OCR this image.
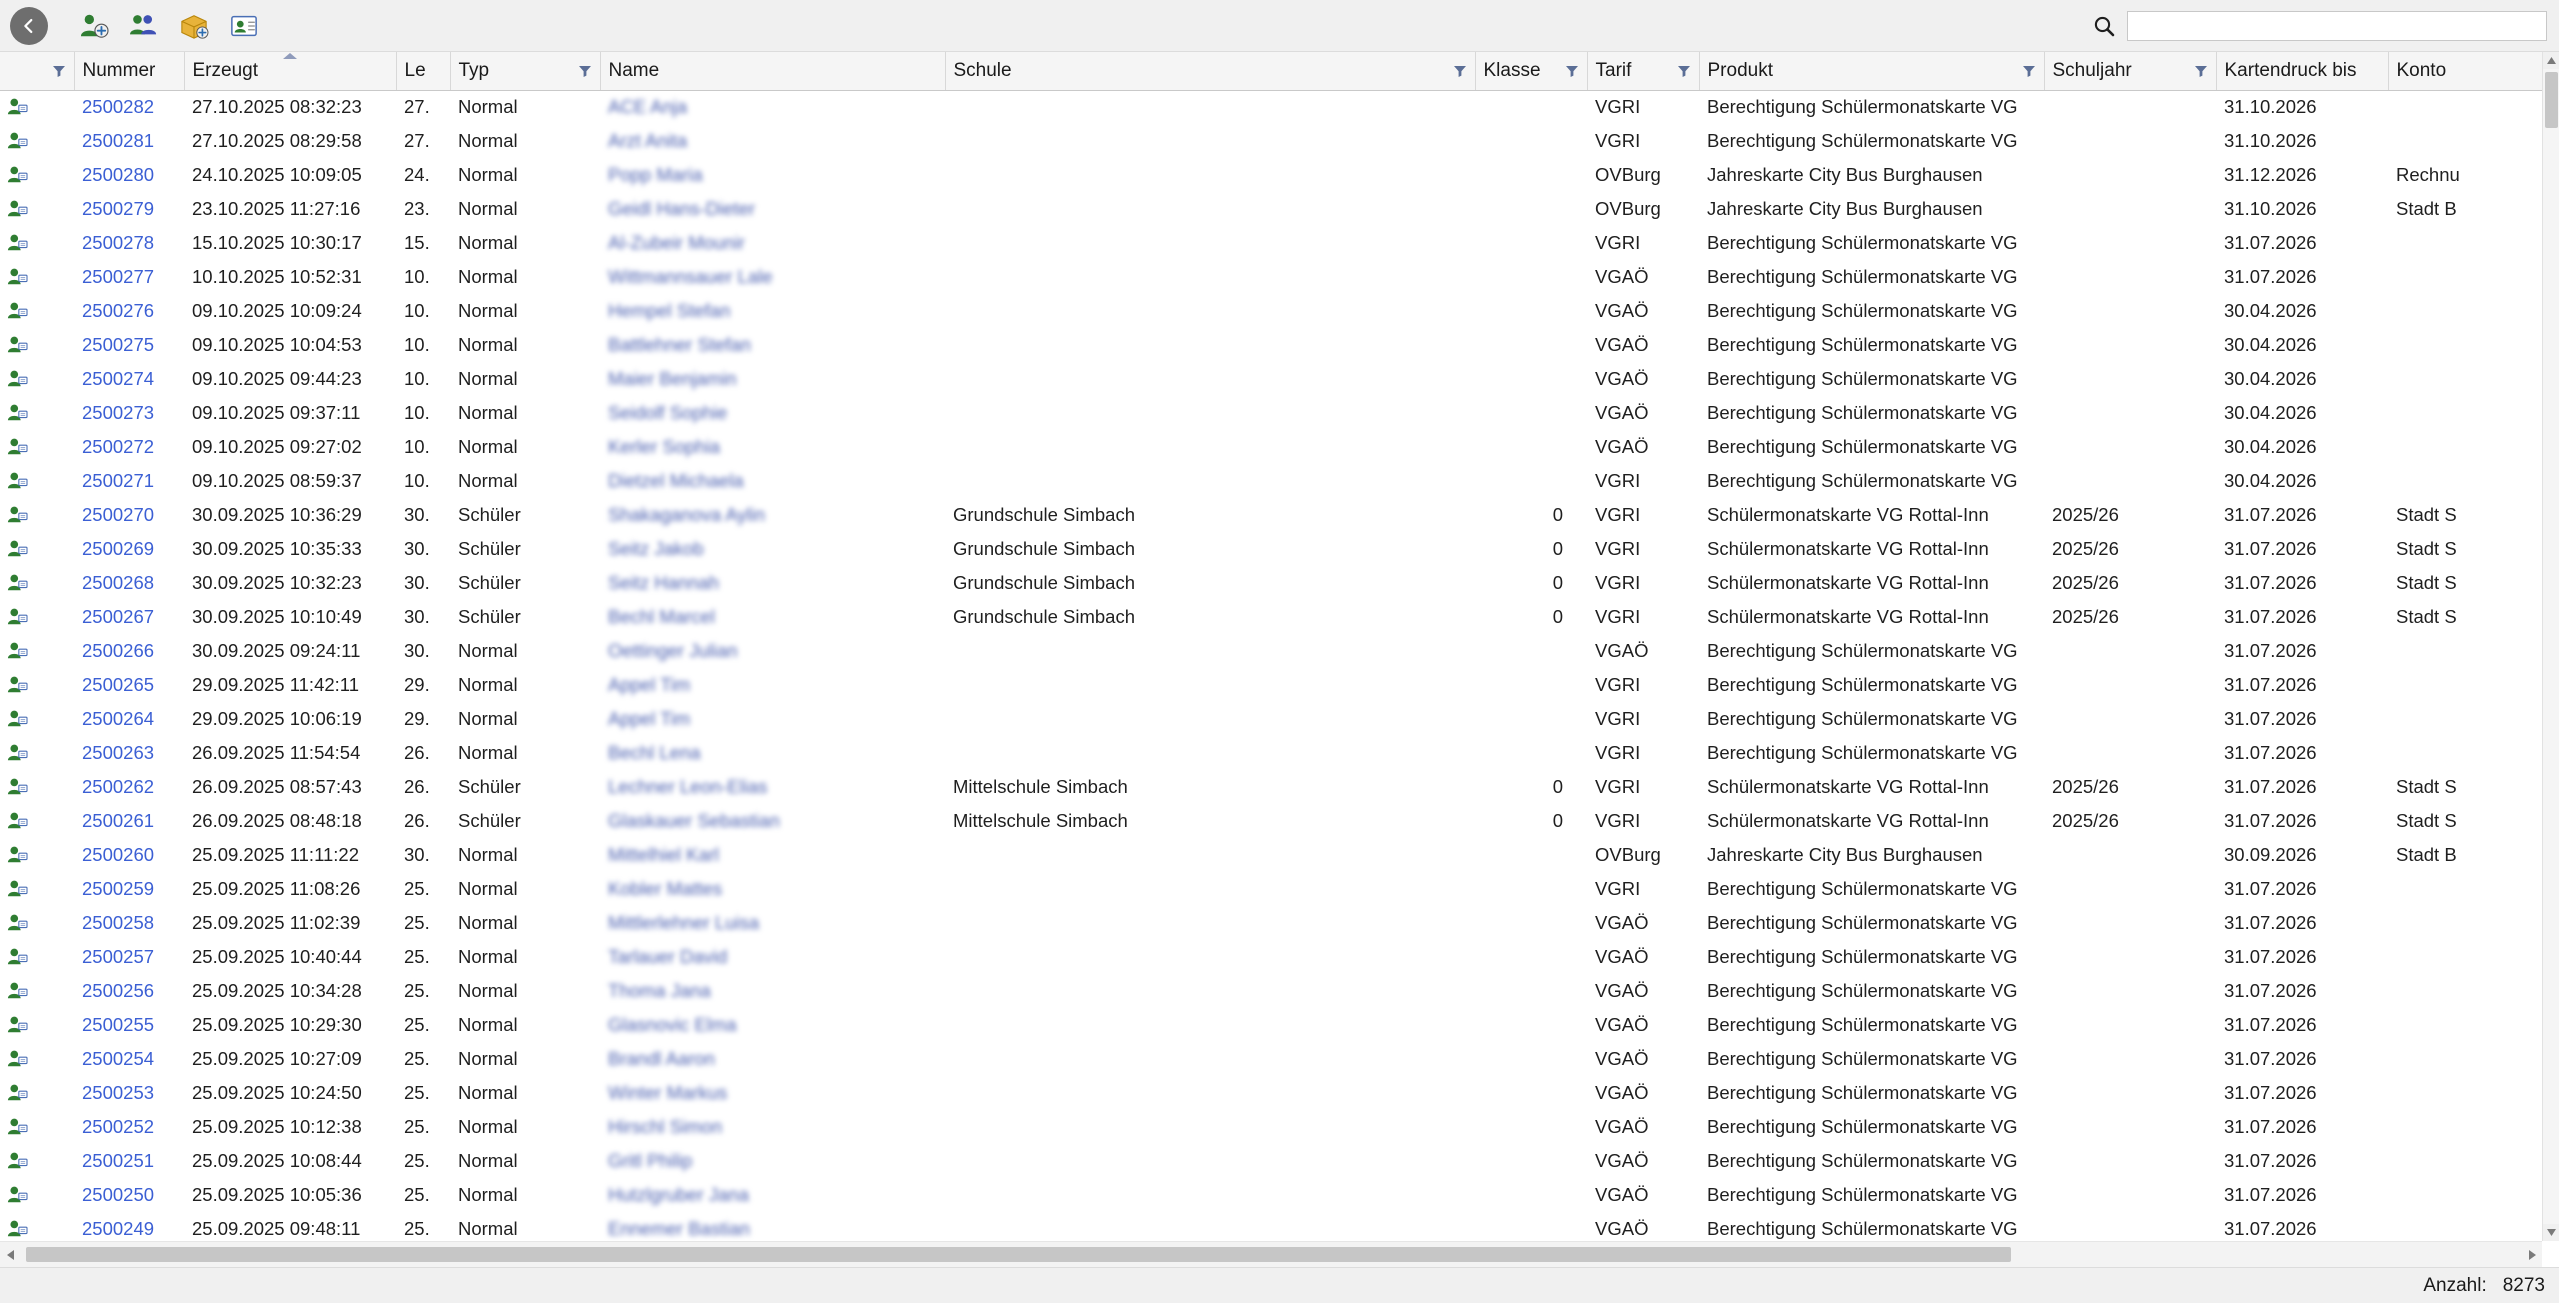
Nummer	Erzeugt	Le	Typ	Name	Schule	Klasse	Tarif	Produkt	Schuljahr	Kartendruck bis	Konto

	2500282	27.10.2025 08:32:23	27.	Normal	ACE Anja			VGRI	Berechtigung Schülermonatskarte VG		31.10.2026	

	2500281	27.10.2025 08:29:58	27.	Normal	Arzt Anita			VGRI	Berechtigung Schülermonatskarte VG		31.10.2026	

	2500280	24.10.2025 10:09:05	24.	Normal	Popp Maria			OVBurg	Jahreskarte City Bus Burghausen		31.12.2026	Rechnu

	2500279	23.10.2025 11:27:16	23.	Normal	Geidl Hans-Dieter			OVBurg	Jahreskarte City Bus Burghausen		31.10.2026	Stadt B

	2500278	15.10.2025 10:30:17	15.	Normal	Al-Zubeir Mounir			VGRI	Berechtigung Schülermonatskarte VG		31.07.2026	

	2500277	10.10.2025 10:52:31	10.	Normal	Wittmannsauer Lale			VGAÖ	Berechtigung Schülermonatskarte VG		31.07.2026	

	2500276	09.10.2025 10:09:24	10.	Normal	Hempel Stefan			VGAÖ	Berechtigung Schülermonatskarte VG		30.04.2026	

	2500275	09.10.2025 10:04:53	10.	Normal	Battlehner Stefan			VGAÖ	Berechtigung Schülermonatskarte VG		30.04.2026	

	2500274	09.10.2025 09:44:23	10.	Normal	Maier Benjamin			VGAÖ	Berechtigung Schülermonatskarte VG		30.04.2026	

	2500273	09.10.2025 09:37:11	10.	Normal	Seidolf Sophie			VGAÖ	Berechtigung Schülermonatskarte VG		30.04.2026	

	2500272	09.10.2025 09:27:02	10.	Normal	Kerler Sophia			VGAÖ	Berechtigung Schülermonatskarte VG		30.04.2026	

	2500271	09.10.2025 08:59:37	10.	Normal	Dietzel Michaela			VGRI	Berechtigung Schülermonatskarte VG		30.04.2026	

	2500270	30.09.2025 10:36:29	30.	Schüler	Shakaganova Aylin	Grundschule Simbach	0	VGRI	Schülermonatskarte VG Rottal-Inn	2025/26	31.07.2026	Stadt S

	2500269	30.09.2025 10:35:33	30.	Schüler	Seitz Jakob	Grundschule Simbach	0	VGRI	Schülermonatskarte VG Rottal-Inn	2025/26	31.07.2026	Stadt S

	2500268	30.09.2025 10:32:23	30.	Schüler	Seitz Hannah	Grundschule Simbach	0	VGRI	Schülermonatskarte VG Rottal-Inn	2025/26	31.07.2026	Stadt S

	2500267	30.09.2025 10:10:49	30.	Schüler	Bechl Marcel	Grundschule Simbach	0	VGRI	Schülermonatskarte VG Rottal-Inn	2025/26	31.07.2026	Stadt S

	2500266	30.09.2025 09:24:11	30.	Normal	Oettinger Julian			VGAÖ	Berechtigung Schülermonatskarte VG		31.07.2026	

	2500265	29.09.2025 11:42:11	29.	Normal	Appel Tim			VGRI	Berechtigung Schülermonatskarte VG		31.07.2026	

	2500264	29.09.2025 10:06:19	29.	Normal	Appel Tim			VGRI	Berechtigung Schülermonatskarte VG		31.07.2026	

	2500263	26.09.2025 11:54:54	26.	Normal	Bechl Lena			VGRI	Berechtigung Schülermonatskarte VG		31.07.2026	

	2500262	26.09.2025 08:57:43	26.	Schüler	Lechner Leon-Elias	Mittelschule Simbach	0	VGRI	Schülermonatskarte VG Rottal-Inn	2025/26	31.07.2026	Stadt S

	2500261	26.09.2025 08:48:18	26.	Schüler	Glaskauer Sebastian	Mittelschule Simbach	0	VGRI	Schülermonatskarte VG Rottal-Inn	2025/26	31.07.2026	Stadt S

	2500260	25.09.2025 11:11:22	30.	Normal	Mittelhiel Karl			OVBurg	Jahreskarte City Bus Burghausen		30.09.2026	Stadt B

	2500259	25.09.2025 11:08:26	25.	Normal	Kobler Mattes			VGRI	Berechtigung Schülermonatskarte VG		31.07.2026	

	2500258	25.09.2025 11:02:39	25.	Normal	Mittlerlehner Luisa			VGAÖ	Berechtigung Schülermonatskarte VG		31.07.2026	

	2500257	25.09.2025 10:40:44	25.	Normal	Tarlauer David			VGAÖ	Berechtigung Schülermonatskarte VG		31.07.2026	

	2500256	25.09.2025 10:34:28	25.	Normal	Thoma Jana			VGAÖ	Berechtigung Schülermonatskarte VG		31.07.2026	

	2500255	25.09.2025 10:29:30	25.	Normal	Glasnovic Elma			VGAÖ	Berechtigung Schülermonatskarte VG		31.07.2026	

	2500254	25.09.2025 10:27:09	25.	Normal	Brandl Aaron			VGAÖ	Berechtigung Schülermonatskarte VG		31.07.2026	

	2500253	25.09.2025 10:24:50	25.	Normal	Winter Markus			VGAÖ	Berechtigung Schülermonatskarte VG		31.07.2026	

	2500252	25.09.2025 10:12:38	25.	Normal	Hirschl Simon			VGAÖ	Berechtigung Schülermonatskarte VG		31.07.2026	

	2500251	25.09.2025 10:08:44	25.	Normal	Gritl Philip			VGAÖ	Berechtigung Schülermonatskarte VG		31.07.2026	

	2500250	25.09.2025 10:05:36	25.	Normal	Hutzlgruber Jana			VGAÖ	Berechtigung Schülermonatskarte VG		31.07.2026	

	2500249	25.09.2025 09:48:11	25.	Normal	Ennemer Bastian			VGAÖ	Berechtigung Schülermonatskarte VG		31.07.2026	
Anzahl: 8273
